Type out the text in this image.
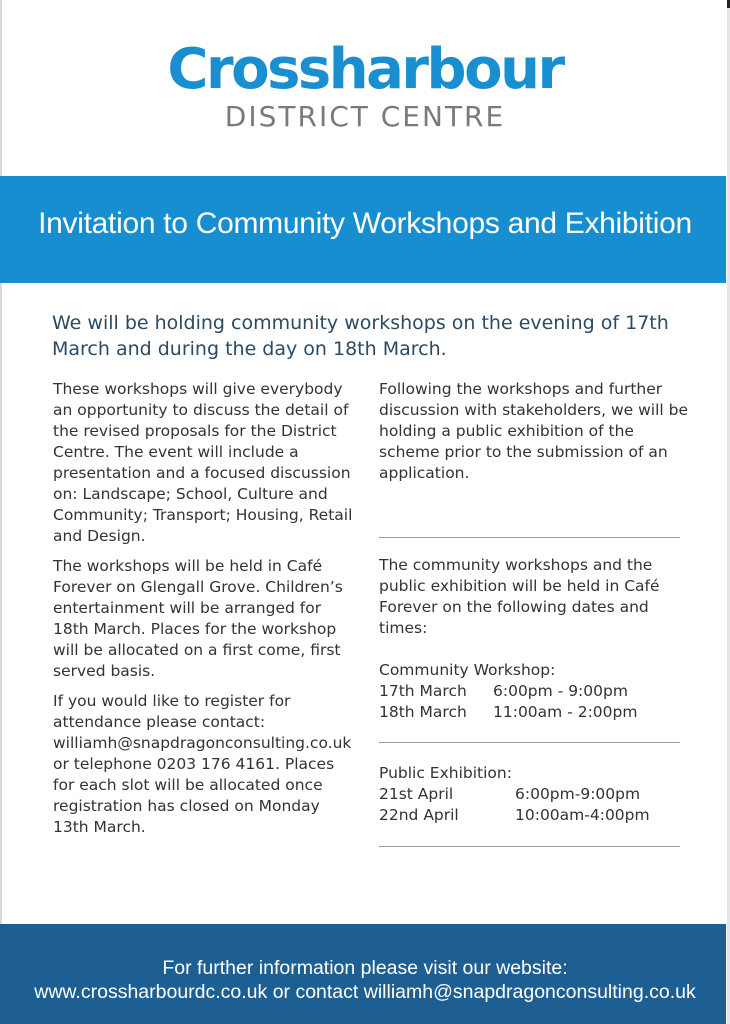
Crossharbour
DISTRICT CENTRE
Invitation to Community Workshops and Exhibition
We will be holding community workshops on the evening of 17th March and during the day on 18th March.

These workshops will give everybody an opportunity to discuss the detail of the revised proposals for the District Centre. The event will include a presentation and a focused discussion on: Landscape; School, Culture and Community; Transport; Housing, Retail and Design.

The workshops will be held in Café Forever on Glengall Grove. Children’s entertainment will be arranged for 18th March. Places for the workshop will be allocated on a first come, first served basis.

If you would like to register for attendance please contact: williamh@snapdragonconsulting.co.uk or telephone 0203 176 4161. Places for each slot will be allocated once registration has closed on Monday 13th March.

Following the workshops and further discussion with stakeholders, we will be holding a public exhibition of the scheme prior to the submission of an application.
The community workshops and the public exhibition will be held in Café Forever on the following dates and times:
Community Workshop:
17th March 6:00pm - 9:00pm
18th March 11:00am - 2:00pm
Public Exhibition:
21st April	6:00pm-9:00pm
22nd April	10:00am-4:00pm
For further information please visit our website:
www.crossharbourdc.co.uk or contact williamh@snapdragonconsulting.co.uk
